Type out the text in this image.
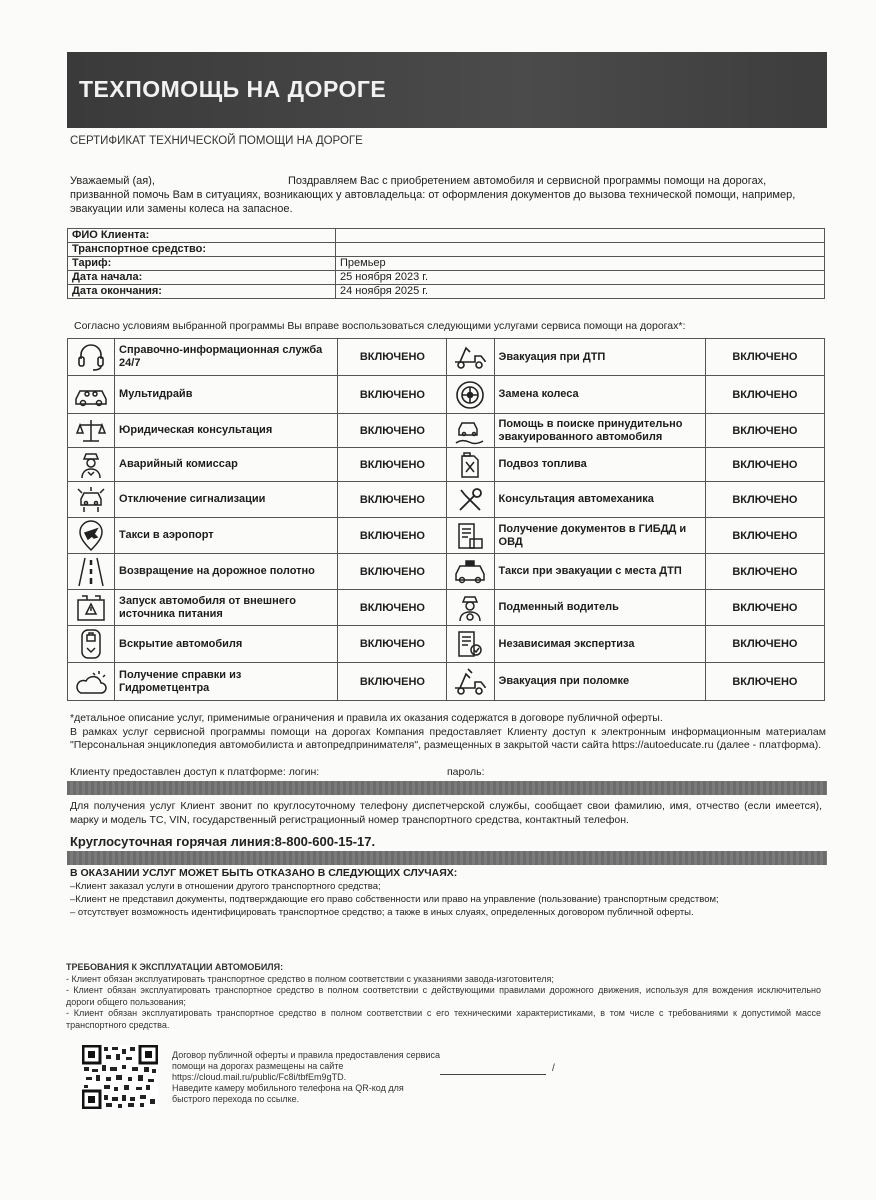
ТЕХПОМОЩЬ НА ДОРОГЕ
СЕРТИФИКАТ ТЕХНИЧЕСКОЙ ПОМОЩИ НА ДОРОГЕ
Уважаемый (ая),	Поздравляем Вас с приобретением автомобиля и сервисной программы помощи на дорогах, призванной помочь Вам в ситуациях, возникающих у автовладельца: от оформления документов до вызова технической помощи, например, эвакуации или замены колеса на запасное.
ФИО Клиента:	
Транспортное средство:	
Тариф:	Премьер
Дата начала:	25 ноября 2023 г.
Дата окончания:	24 ноября 2025 г.
Согласно условиям выбранной программы Вы вправе воспользоваться следующими услугами сервиса помощи на дорогах*:
	Справочно-информационная служба 24/7	ВКЛЮЧЕНО		Эвакуация при ДТП	ВКЛЮЧЕНО

	Мультидрайв	ВКЛЮЧЕНО		Замена колеса	ВКЛЮЧЕНО

	Юридическая консультация	ВКЛЮЧЕНО		Помощь в поиске принудительно эвакуированного автомобиля	ВКЛЮЧЕНО

	Аварийный комиссар	ВКЛЮЧЕНО		Подвоз топлива	ВКЛЮЧЕНО

	Отключение сигнализации	ВКЛЮЧЕНО		Консультация автомеханика	ВКЛЮЧЕНО

	Такси в аэропорт	ВКЛЮЧЕНО		Получение документов в ГИБДД и ОВД	ВКЛЮЧЕНО

	Возвращение на дорожное полотно	ВКЛЮЧЕНО		Такси при эвакуации с места ДТП	ВКЛЮЧЕНО

	Запуск автомобиля от внешнего источника питания	ВКЛЮЧЕНО		Подменный водитель	ВКЛЮЧЕНО

	Вскрытие автомобиля	ВКЛЮЧЕНО		Независимая экспертиза	ВКЛЮЧЕНО

	Получение справки из Гидрометцентра	ВКЛЮЧЕНО		Эвакуация при поломке	ВКЛЮЧЕНО
*детальное описание услуг, применимые ограничения и правила их оказания содержатся в договоре публичной оферты.
В рамках услуг сервисной программы помощи на дорогах Компания предоставляет Клиенту доступ к электронным информационным материалам "Персональная энциклопедия автомобилиста и автопредпринимателя", размещенных в закрытой части сайта https://autoeducate.ru (далее - платформа).
Клиенту предоставлен доступ к платформе: логин:	пароль:
Для получения услуг Клиент звонит по круглосуточному телефону диспетчерской службы, сообщает свои фамилию, имя, отчество (если имеется), марку и модель ТС, VIN, государственный регистрационный номер транспортного средства, контактный телефон.
Круглосуточная горячая линия:8-800-600-15-17.
В ОКАЗАНИИ УСЛУГ МОЖЕТ БЫТЬ ОТКАЗАНО В СЛЕДУЮЩИХ СЛУЧАЯХ:
–Клиент заказал услуги в отношении другого транспортного средства;
–Клиент не представил документы, подтверждающие его право собственности или право на управление (пользование) транспортным средством;
– отсутствует возможность идентифицировать транспортное средство; а также в иных слуаях, определенных договором публичной оферты.
ТРЕБОВАНИЯ К ЭКСПЛУАТАЦИИ АВТОМОБИЛЯ:
- Клиент обязан эксплуатировать транспортное средство в полном соответствии с указаниями завода-изготовителя;
- Клиент обязан эксплуатировать транспортное средство в полном соответствии с действующими правилами дорожного движения, используя для вождения исключительно дороги общего пользования;
- Клиент обязан эксплуатировать транспортное средство в полном соответствии с его техническими характеристиками, в том числе с требованиями к допустимой массе транспортного средства.
Договор публичной оферты и правила предоставления сервиса помощи на дорогах размещены на сайте https://cloud.mail.ru/public/Fc8i/tbfEm9gTD.
Наведите камеру мобильного телефона на QR-код для быстрого перехода по ссылке.
/
